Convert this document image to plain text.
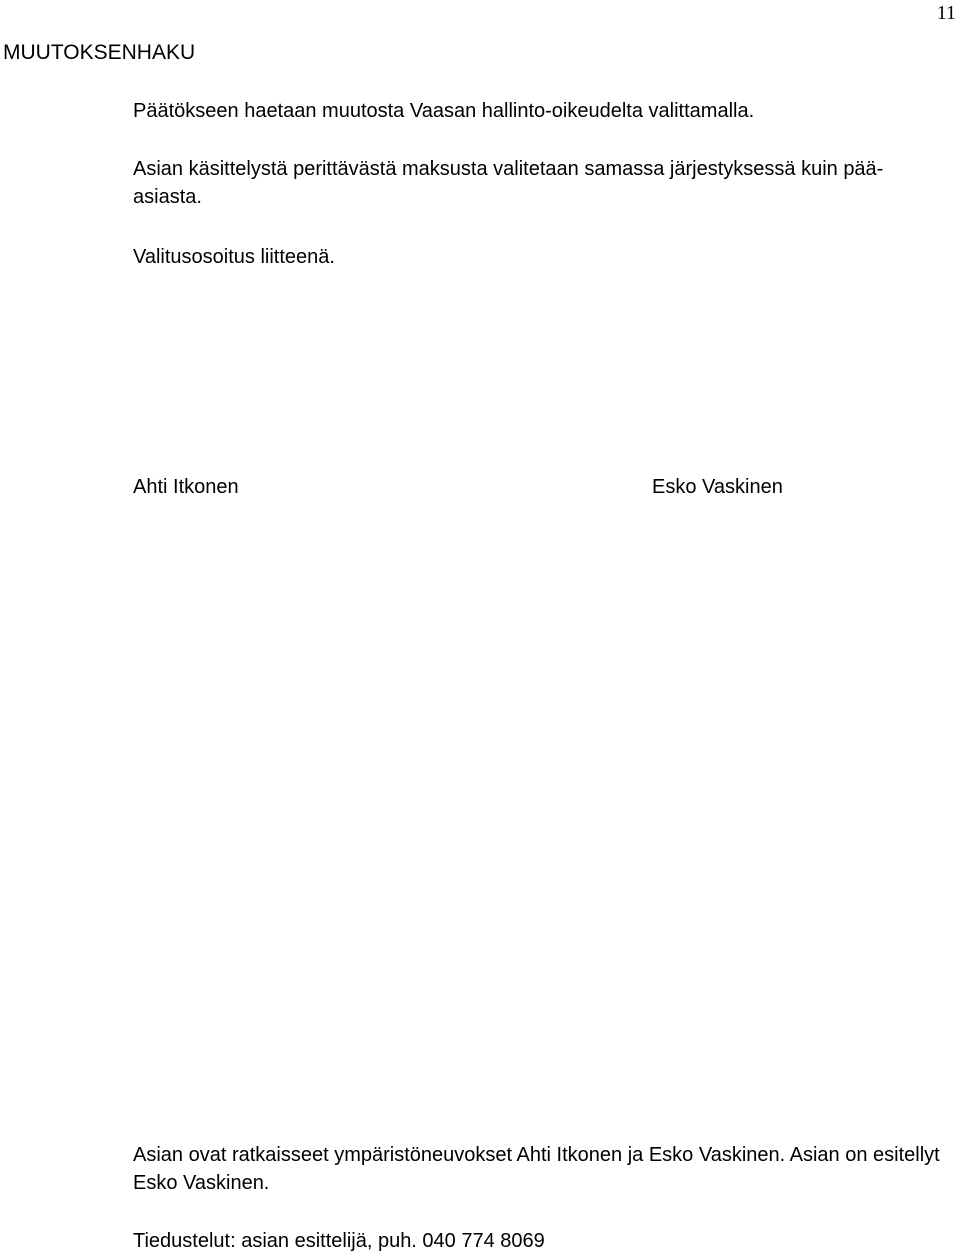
11
MUUTOKSENHAKU
Päätökseen haetaan muutosta Vaasan hallinto-oikeudelta valittamalla.
Asian käsittelystä perittävästä maksusta valitetaan samassa järjestyksessä kuin pää-asiasta.
Valitusosoitus liitteenä.
Ahti Itkonen	Esko Vaskinen
Asian ovat ratkaisseet ympäristöneuvokset Ahti Itkonen ja Esko Vaskinen. Asian on esitellyt Esko Vaskinen.
Tiedustelut: asian esittelijä, puh. 040 774 8069
